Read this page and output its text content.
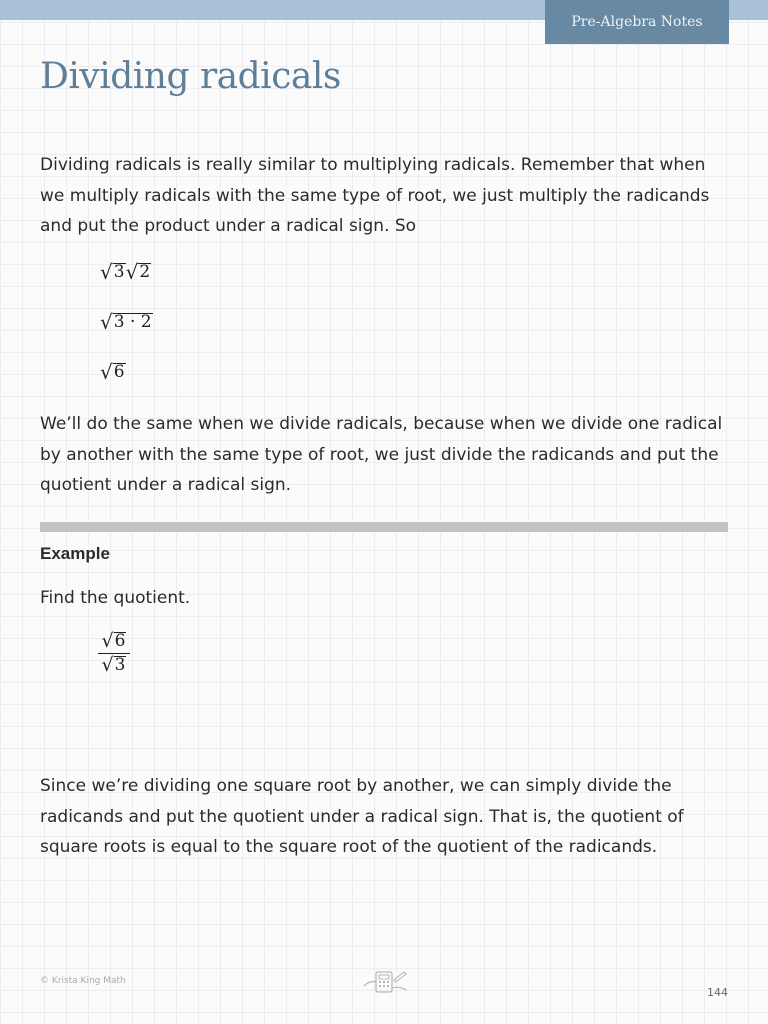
Pre-Algebra Notes
Dividing radicals

Dividing radicals is really similar to multiplying radicals. Remember that when we multiply radicals with the same type of root, we just multiply the radicands and put the product under a radical sign. So

√ 3 √ 2
√ 3 · 2
√ 6

We’ll do the same when we divide radicals, because when we divide one radical by another with the same type of root, we just divide the radicands and put the quotient under a radical sign.

Example

Find the quotient.

√ 6
√ 3

Since we’re dividing one square root by another, we can simply divide the radicands and put the quotient under a radical sign. That is, the quotient of square roots is equal to the square root of the quotient of the radicands.

© Krista King Math
144
